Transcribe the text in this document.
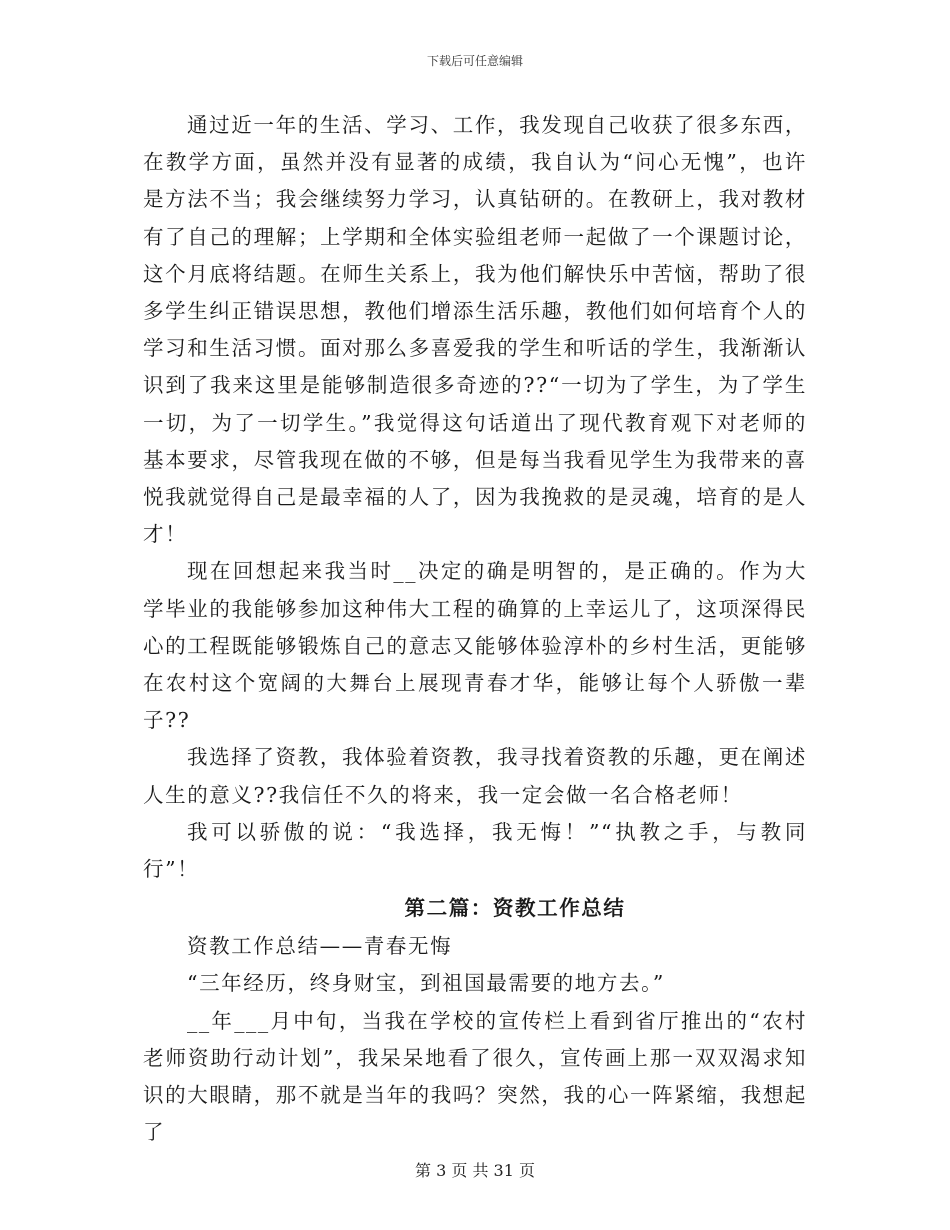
下载后可任意编辑

通过近一年的生活、学习、工作，我发现自己收获了很多东西，在教学方面，虽然并没有显著的成绩，我自认为“问心无愧”，也许是方法不当；我会继续努力学习，认真钻研的。在教研上，我对教材有了自己的理解；上学期和全体实验组老师一起做了一个课题讨论，这个月底将结题。在师生关系上，我为他们解快乐中苦恼，帮助了很多学生纠正错误思想，教他们增添生活乐趣，教他们如何培育个人的学习和生活习惯。面对那么多喜爱我的学生和听话的学生，我渐渐认识到了我来这里是能够制造很多奇迹的??“一切为了学生，为了学生一切，为了一切学生。”我觉得这句话道出了现代教育观下对老师的基本要求，尽管我现在做的不够，但是每当我看见学生为我带来的喜悦我就觉得自己是最幸福的人了，因为我挽救的是灵魂，培育的是人才！

现在回想起来我当时__决定的确是明智的，是正确的。作为大学毕业的我能够参加这种伟大工程的确算的上幸运儿了，这项深得民心的工程既能够锻炼自己的意志又能够体验淳朴的乡村生活，更能够在农村这个宽阔的大舞台上展现青春才华，能够让每个人骄傲一辈子??

我选择了资教，我体验着资教，我寻找着资教的乐趣，更在阐述人生的意义??我信任不久的将来，我一定会做一名合格老师！

我可以骄傲的说：“我选择，我无悔！”“执教之手，与教同行”！

第二篇：资教工作总结

资教工作总结——青春无悔

“三年经历，终身财宝，到祖国最需要的地方去。”

__年___月中旬，当我在学校的宣传栏上看到省厅推出的“农村老师资助行动计划”，我呆呆地看了很久，宣传画上那一双双渴求知识的大眼睛，那不就是当年的我吗？突然，我的心一阵紧缩，我想起了

第 3 页 共 31 页
